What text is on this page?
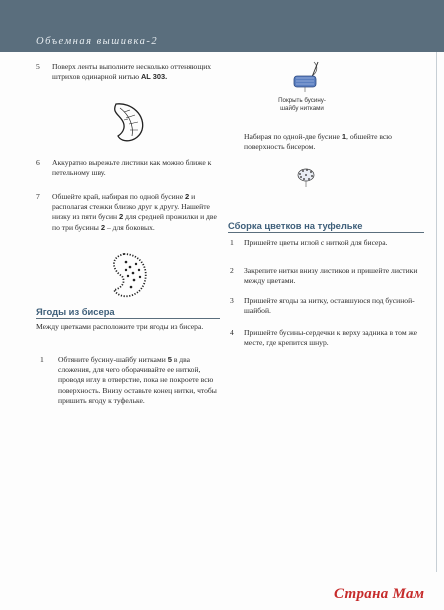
Объемная вышивка-2
5 Поверх ленты выполните несколько оттеняющих штрихов одинарной нитью AL 303.
6 Аккуратно вырежьте листики как можно ближе к петельному шву.
7 Обшейте край, набирая по одной бусине 2 и располагая стежки близко друг к другу. Нашейте низку из пяти бусин 2 для средней прожилки и две по три бусины 2 – для боковых.
Ягоды из бисера
Между цветками расположите три ягоды из бисера.
1 Обтяните бусину-шайбу нитками 5 в два сложения, для чего оборачивайте ее ниткой, проводя иглу в отверстие, пока не покроете всю поверхность. Внизу оставьте конец нитки, чтобы пришить ягоду к туфельке.
Покрыть бусину-шайбу нитками
Набирая по одной-две бусине 1, обшейте всю поверхность бисером.
Сборка цветков на туфельке
1 Пришейте цветы иглой с ниткой для бисера.
2 Закрепите нитки внизу листиков и пришейте листики между цветами.
3 Пришейте ягоды за нитку, оставшуюся под бусиной-шайбой.
4 Пришейте бусины-сердечки к верху задника в том же месте, где крепится шнур.
Страна Мам
